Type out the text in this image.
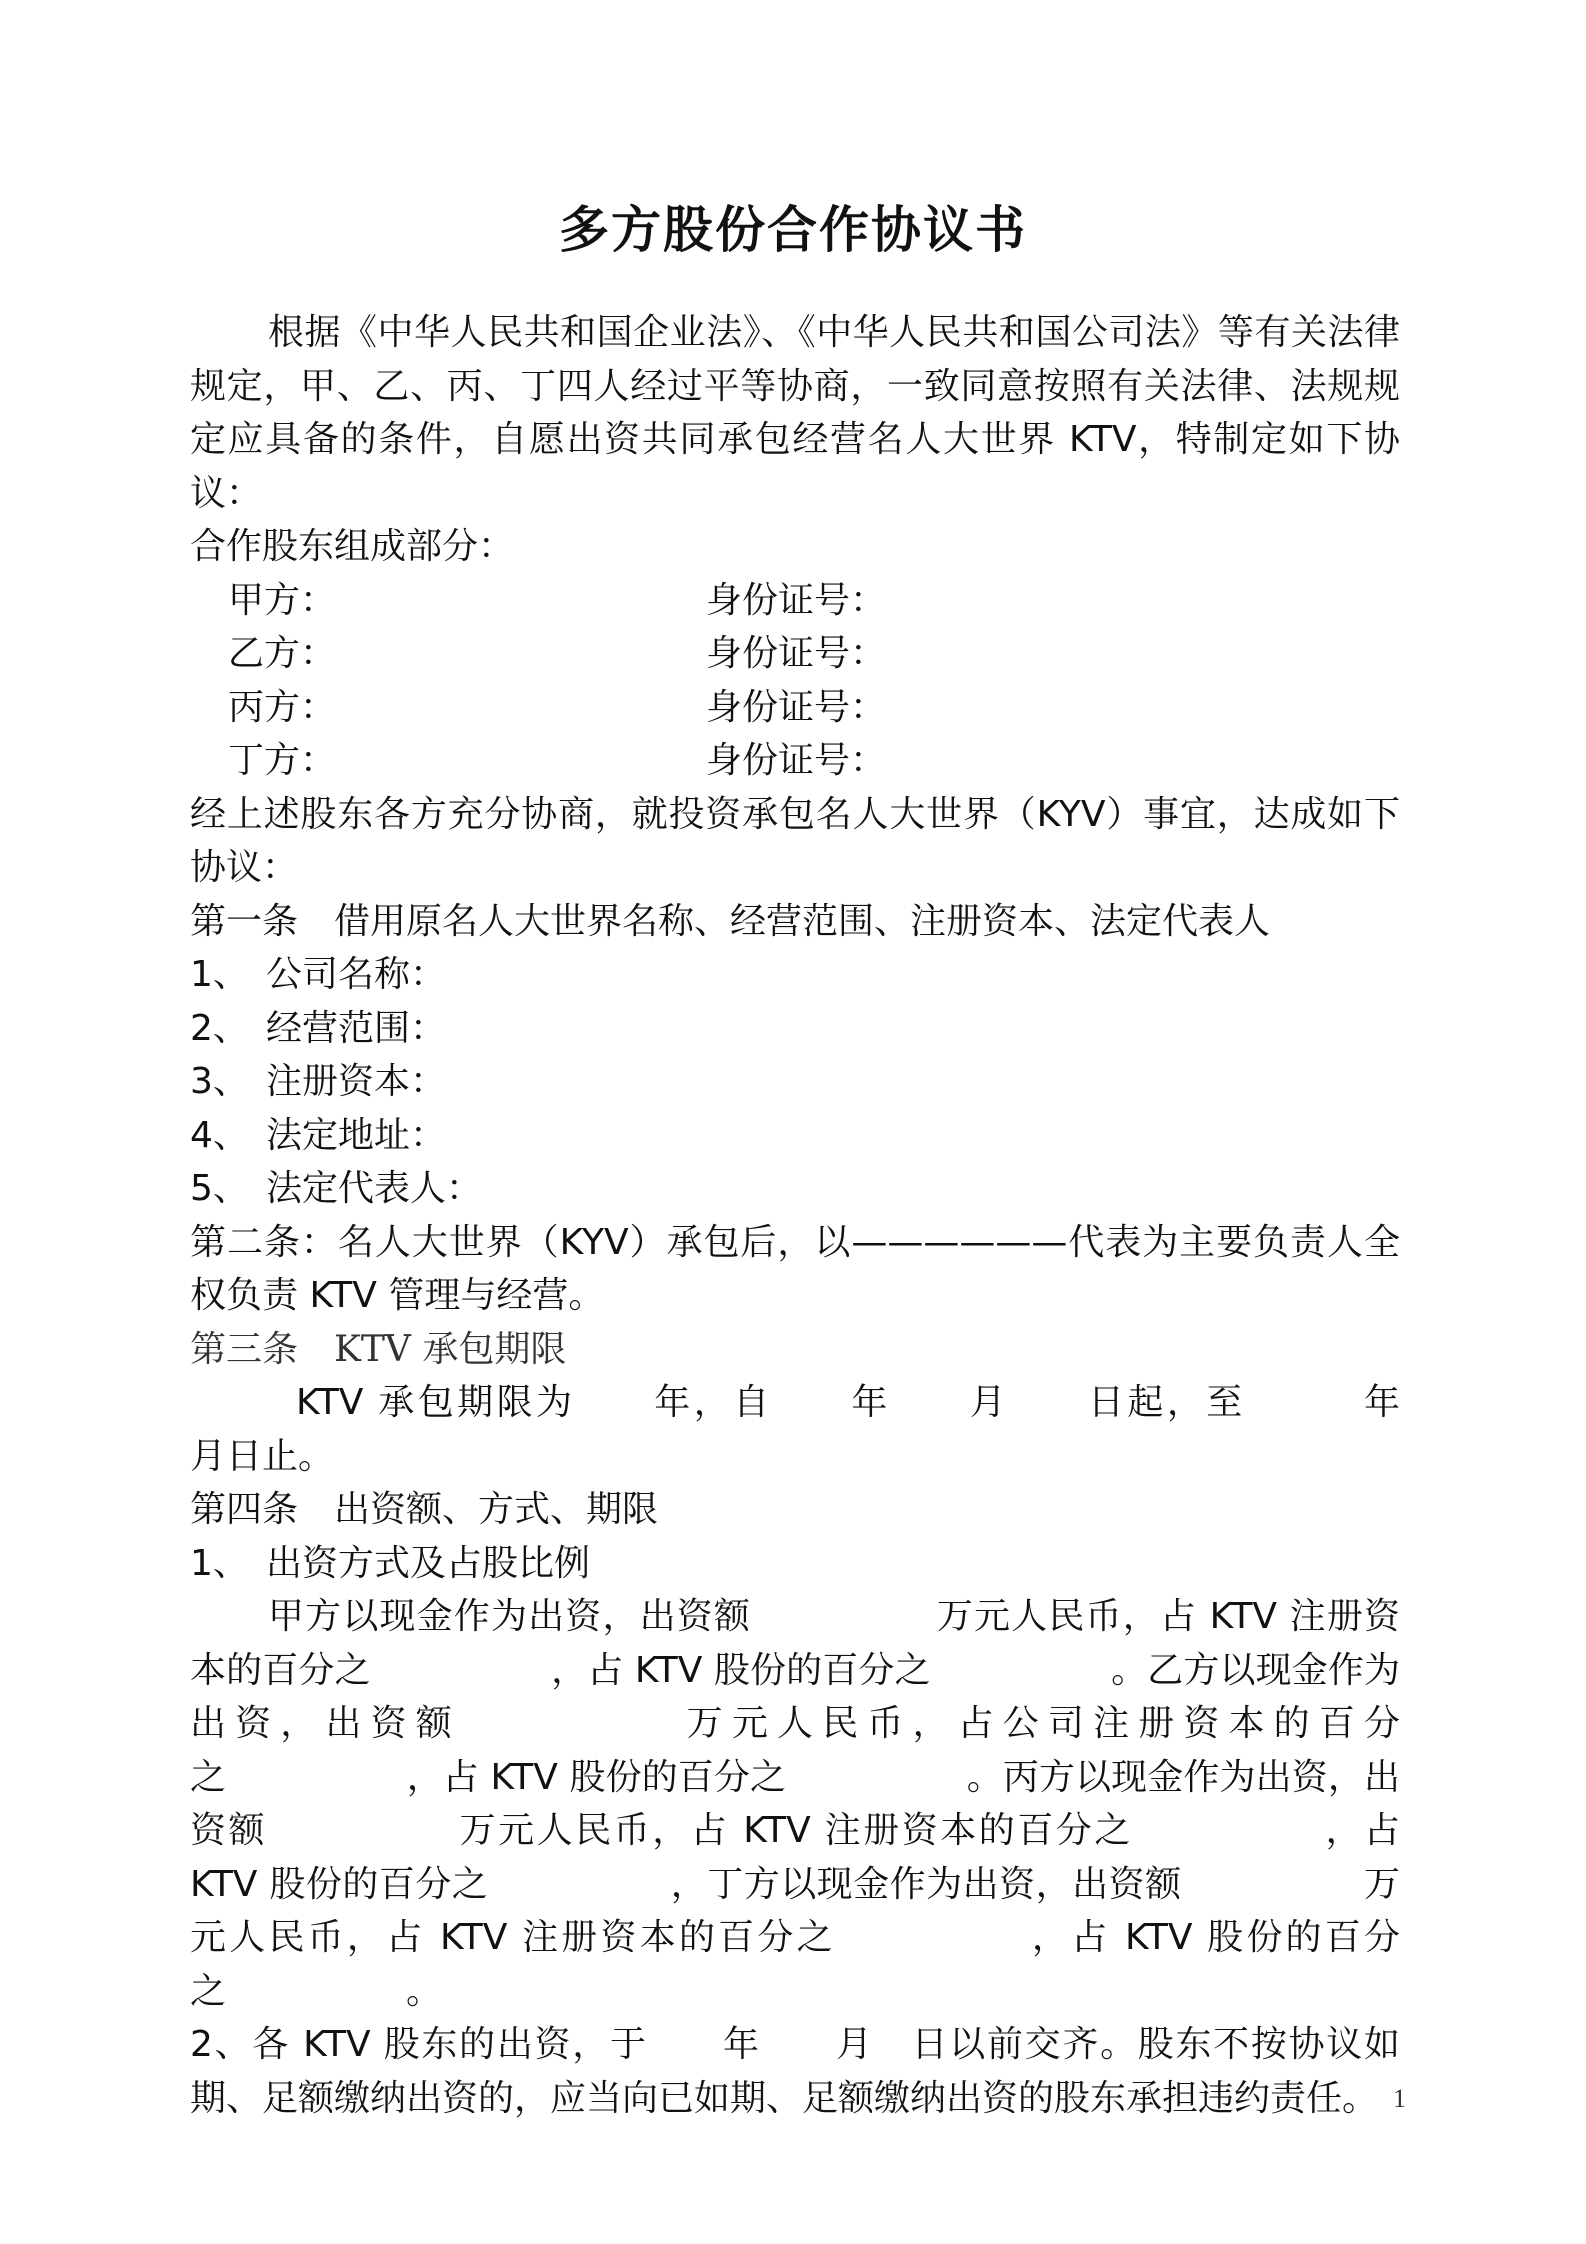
多方股份合作协议书

根据《中华人民共和国企业法》、《中华人民共和国公司法》等有关法律规定，甲、乙、丙、丁四人经过平等协商，一致同意按照有关法律、法规规定应具备的条件，自愿出资共同承包经营名人大世界 KTV，特制定如下协议：

合作股东组成部分：

甲方：	身份证号：
乙方：	身份证号：
丙方：	身份证号：
丁方：	身份证号：

经上述股东各方充分协商，就投资承包名人大世界（KYV）事宜，达成如下协议：

第一条　借用原名人大世界名称、经营范围、注册资本、法定代表人

1、 公司名称：
2、 经营范围：
3、 注册资本：
4、 法定地址：
5、 法定代表人：

第二条：名人大世界（KYV）承包后，以——————代表为主要负责人全权负责 KTV 管理与经营。

第三条　KTV 承包期限

KTV 承包期限为　　年，自　　年　　月　　日起，至　　　年　　月日止。

第四条　出资额、方式、期限

1、 出资方式及占股比例

甲方以现金作为出资，出资额　　　　　万元人民币，占 KTV 注册资本的百分之　　　　　，占 KTV 股份的百分之　　　　　。乙方以现金作为出资，出资额　　　　　万元人民币，占公司注册资本的百分之　　　　　，占 KTV 股份的百分之　　　　　。丙方以现金作为出资，出资额　　　　　万元人民币，占 KTV 注册资本的百分之　　　　　，占 KTV 股份的百分之　　　　　，丁方以现金作为出资，出资额　　　　　万元人民币，占 KTV 注册资本的百分之　　　　　，占 KTV 股份的百分之　　　　　。

2、各 KTV 股东的出资，于　　年　　月　日以前交齐。股东不按协议如期、足额缴纳出资的，应当向已如期、足额缴纳出资的股东承担违约责任。 1
